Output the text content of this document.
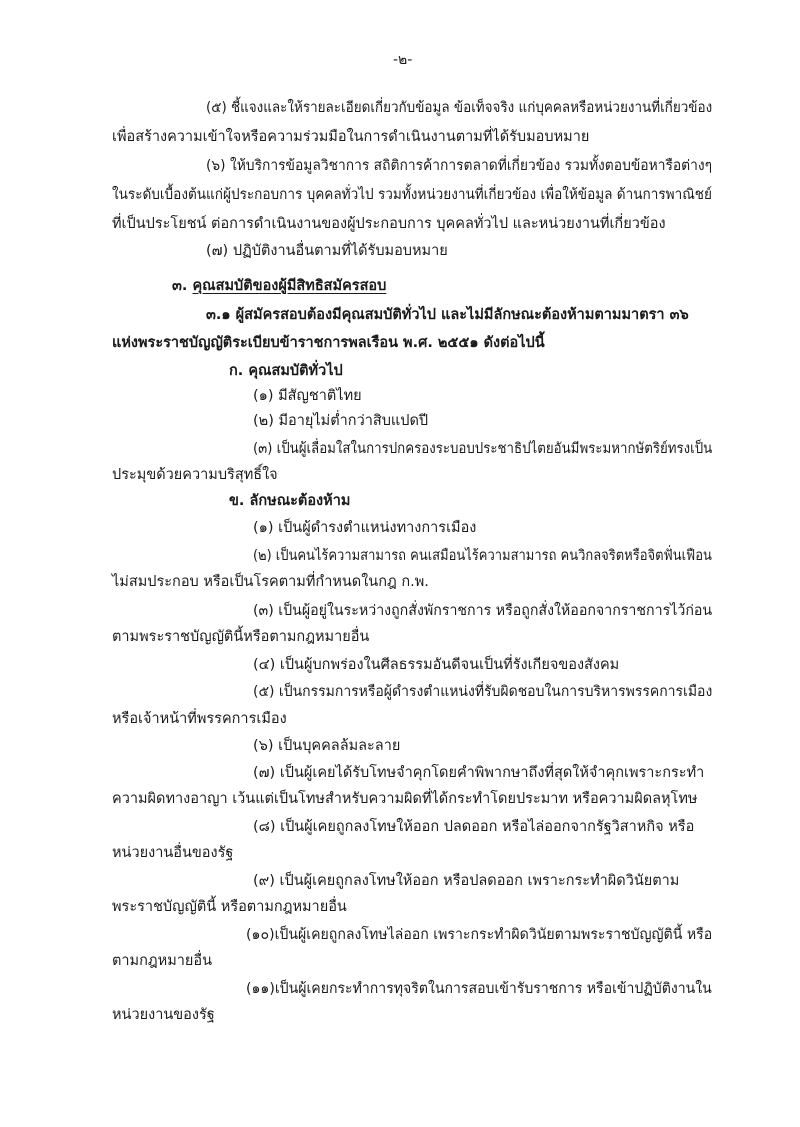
-๒-
(๕) ชี้แจงและให้รายละเอียดเกี่ยวกับข้อมูล ข้อเท็จจริง แก่บุคคลหรือหน่วยงานที่เกี่ยวข้อง
เพื่อสร้างความเข้าใจหรือความร่วมมือในการดำเนินงานตามที่ได้รับมอบหมาย
(๖) ให้บริการข้อมูลวิชาการ สถิติการค้าการตลาดที่เกี่ยวข้อง รวมทั้งตอบข้อหารือต่างๆ
ในระดับเบื้องต้นแก่ผู้ประกอบการ บุคคลทั่วไป รวมทั้งหน่วยงานที่เกี่ยวข้อง เพื่อให้ข้อมูล ด้านการพาณิชย์
ที่เป็นประโยชน์ ต่อการดำเนินงานของผู้ประกอบการ บุคคลทั่วไป และหน่วยงานที่เกี่ยวข้อง
(๗) ปฏิบัติงานอื่นตามที่ได้รับมอบหมาย
๓. คุณสมบัติของผู้มีสิทธิสมัครสอบ
๓.๑ ผู้สมัครสอบต้องมีคุณสมบัติทั่วไป และไม่มีลักษณะต้องห้ามตามมาตรา ๓๖
แห่งพระราชบัญญัติระเบียบข้าราชการพลเรือน พ.ศ. ๒๕๕๑ ดังต่อไปนี้
ก. คุณสมบัติทั่วไป
(๑) มีสัญชาติไทย
(๒) มีอายุไม่ต่ำกว่าสิบแปดปี
(๓) เป็นผู้เลื่อมใสในการปกครองระบอบประชาธิปไตยอันมีพระมหากษัตริย์ทรงเป็น
ประมุขด้วยความบริสุทธิ์ใจ
ข. ลักษณะต้องห้าม
(๑) เป็นผู้ดำรงตำแหน่งทางการเมือง
(๒) เป็นคนไร้ความสามารถ คนเสมือนไร้ความสามารถ คนวิกลจริตหรือจิตฟั่นเฟือน
ไม่สมประกอบ หรือเป็นโรคตามที่กำหนดในกฎ ก.พ.
(๓) เป็นผู้อยู่ในระหว่างถูกสั่งพักราชการ หรือถูกสั่งให้ออกจากราชการไว้ก่อน
ตามพระราชบัญญัตินี้หรือตามกฎหมายอื่น
(๔) เป็นผู้บกพร่องในศีลธรรมอันดีจนเป็นที่รังเกียจของสังคม
(๕) เป็นกรรมการหรือผู้ดำรงตำแหน่งที่รับผิดชอบในการบริหารพรรคการเมือง
หรือเจ้าหน้าที่พรรคการเมือง
(๖) เป็นบุคคลล้มละลาย
(๗) เป็นผู้เคยได้รับโทษจำคุกโดยคำพิพากษาถึงที่สุดให้จำคุกเพราะกระทำ
ความผิดทางอาญา เว้นแต่เป็นโทษสำหรับความผิดที่ได้กระทำโดยประมาท หรือความผิดลหุโทษ
(๘) เป็นผู้เคยถูกลงโทษให้ออก ปลดออก หรือไล่ออกจากรัฐวิสาหกิจ หรือ
หน่วยงานอื่นของรัฐ
(๙) เป็นผู้เคยถูกลงโทษให้ออก หรือปลดออก เพราะกระทำผิดวินัยตาม
พระราชบัญญัตินี้ หรือตามกฎหมายอื่น
(๑๐)เป็นผู้เคยถูกลงโทษไล่ออก เพราะกระทำผิดวินัยตามพระราชบัญญัตินี้ หรือ
ตามกฎหมายอื่น
(๑๑)เป็นผู้เคยกระทำการทุจริตในการสอบเข้ารับราชการ หรือเข้าปฏิบัติงานใน
หน่วยงานของรัฐ
